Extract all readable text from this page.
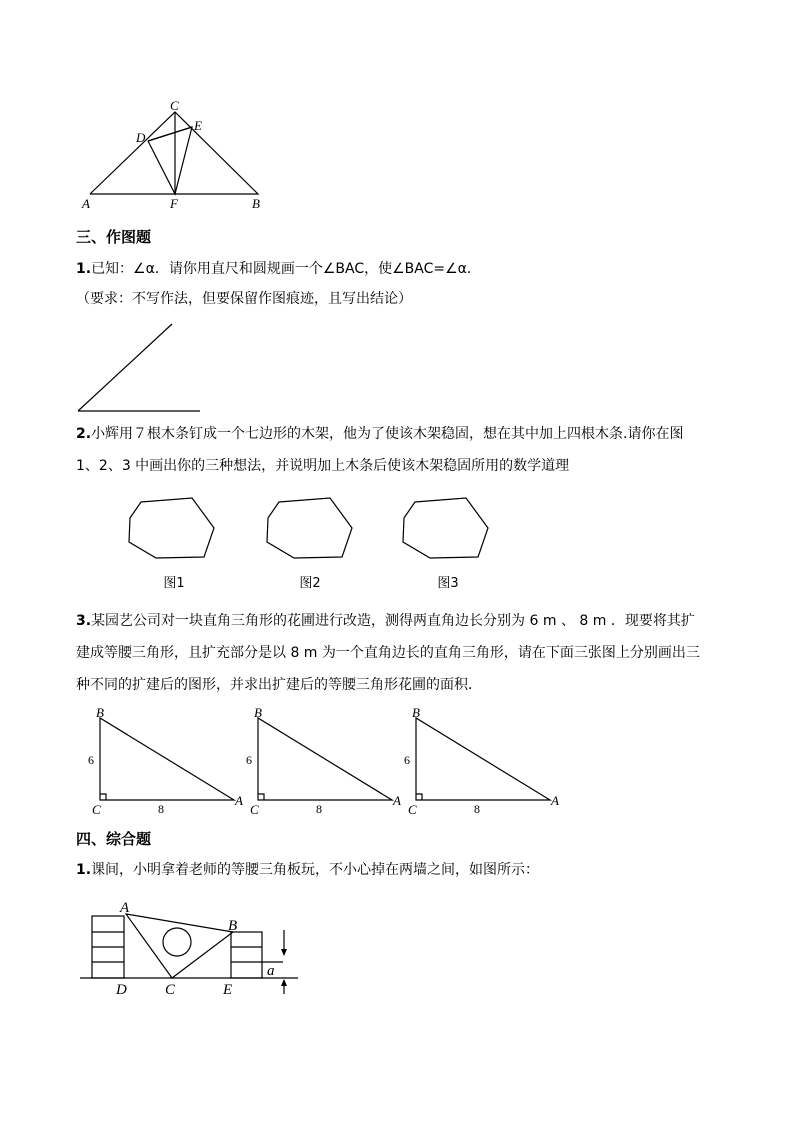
C
D
E
A	F	B
三、作图题
1.已知：∠α．请你用直尺和圆规画一个∠BAC，使∠BAC=∠α．
（要求：不写作法，但要保留作图痕迹，且写出结论）
2.小辉用７根木条钉成一个七边形的木架，他为了使该木架稳固，想在其中加上四根木条.请你在图
1、2、3 中画出你的三种想法，并说明加上木条后使该木架稳固所用的数学道理
图1	图2	图3
3.某园艺公司对一块直角三角形的花圃进行改造，测得两直角边长分别为 6 m 、 8 m ．现要将其扩
建成等腰三角形，且扩充部分是以 8 m 为一个直角边长的直角三角形，请在下面三张图上分别画出三
种不同的扩建后的图形，并求出扩建后的等腰三角形花圃的面积．
B
C
A
6
8
B
C
A
6
8
B
C
A
6
8
四、综合题
1.课间，小明拿着老师的等腰三角板玩，不小心掉在两墙之间，如图所示：
A
B
D	C	E
a
